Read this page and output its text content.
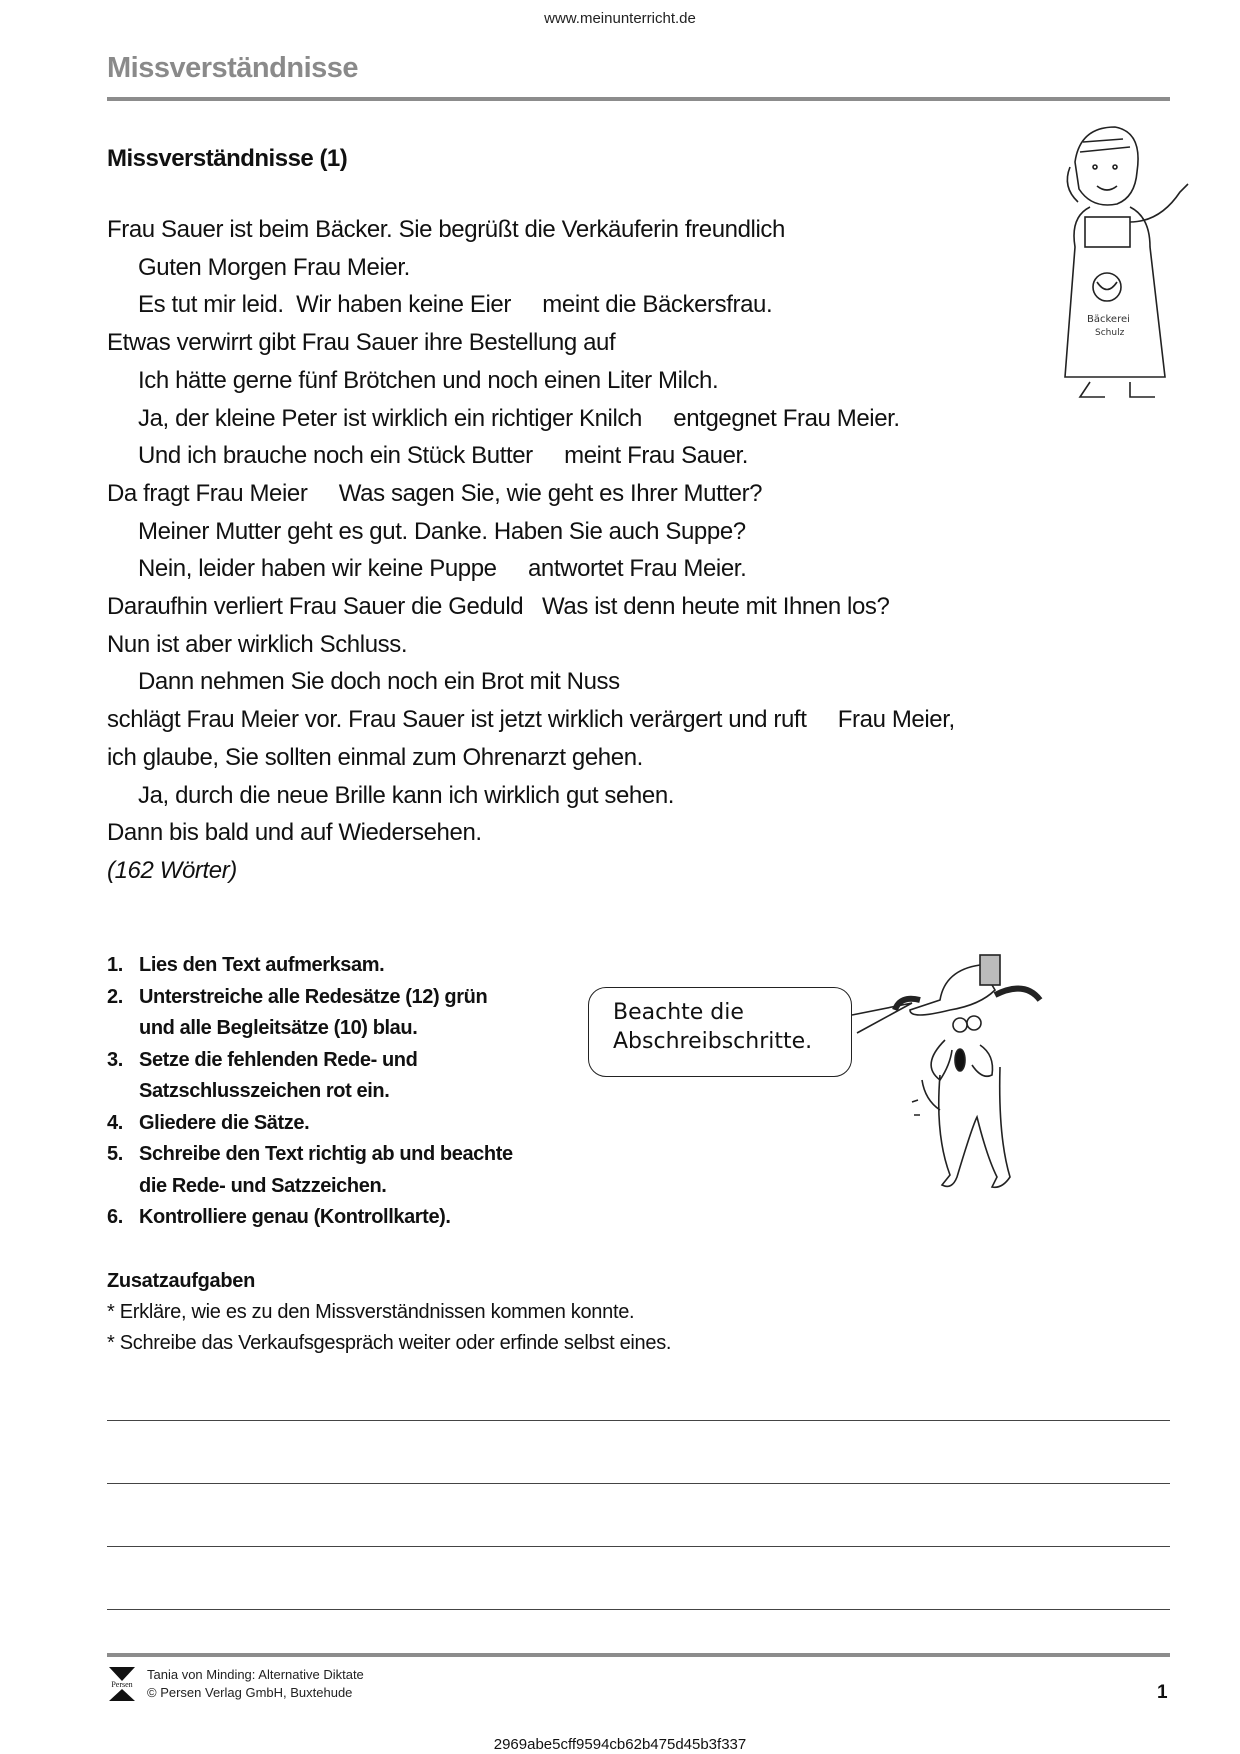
www.meinunterricht.de
Missverständnisse
Missverständnisse (1)
Bäckerei
Schulz
Frau Sauer ist beim Bäcker. Sie begrüßt die Verkäuferin freundlich
Guten Morgen Frau Meier.
Es tut mir leid.  Wir haben keine Eier     meint die Bäckersfrau.
Etwas verwirrt gibt Frau Sauer ihre Bestellung auf
Ich hätte gerne fünf Brötchen und noch einen Liter Milch.
Ja, der kleine Peter ist wirklich ein richtiger Knilch     entgegnet Frau Meier.
Und ich brauche noch ein Stück Butter     meint Frau Sauer.
Da fragt Frau Meier     Was sagen Sie, wie geht es Ihrer Mutter?
Meiner Mutter geht es gut. Danke. Haben Sie auch Suppe?
Nein, leider haben wir keine Puppe     antwortet Frau Meier.
Daraufhin verliert Frau Sauer die Geduld   Was ist denn heute mit Ihnen los?
Nun ist aber wirklich Schluss.
Dann nehmen Sie doch noch ein Brot mit Nuss
schlägt Frau Meier vor. Frau Sauer ist jetzt wirklich verärgert und ruft     Frau Meier,
ich glaube, Sie sollten einmal zum Ohrenarzt gehen.
Ja, durch die neue Brille kann ich wirklich gut sehen.
Dann bis bald und auf Wiedersehen.
(162 Wörter)
1. Lies den Text aufmerksam.
2. Unterstreiche alle Redesätze (12) grün
und alle Begleitsätze (10) blau.
3. Setze die fehlenden Rede- und
Satzschlusszeichen rot ein.
4. Gliedere die Sätze.
5. Schreibe den Text richtig ab und beachte
die Rede- und Satzzeichen.
6. Kontrolliere genau (Kontrollkarte).
Beachte die
Abschreibschritte.
Zusatzaufgaben
* Erkläre, wie es zu den Missverständnissen kommen konnte.
* Schreibe das Verkaufsgespräch weiter oder erfinde selbst eines.
Persen
Tania von Minding: Alternative Diktate
© Persen Verlag GmbH, Buxtehude	1
2969abe5cff9594cb62b475d45b3f337
